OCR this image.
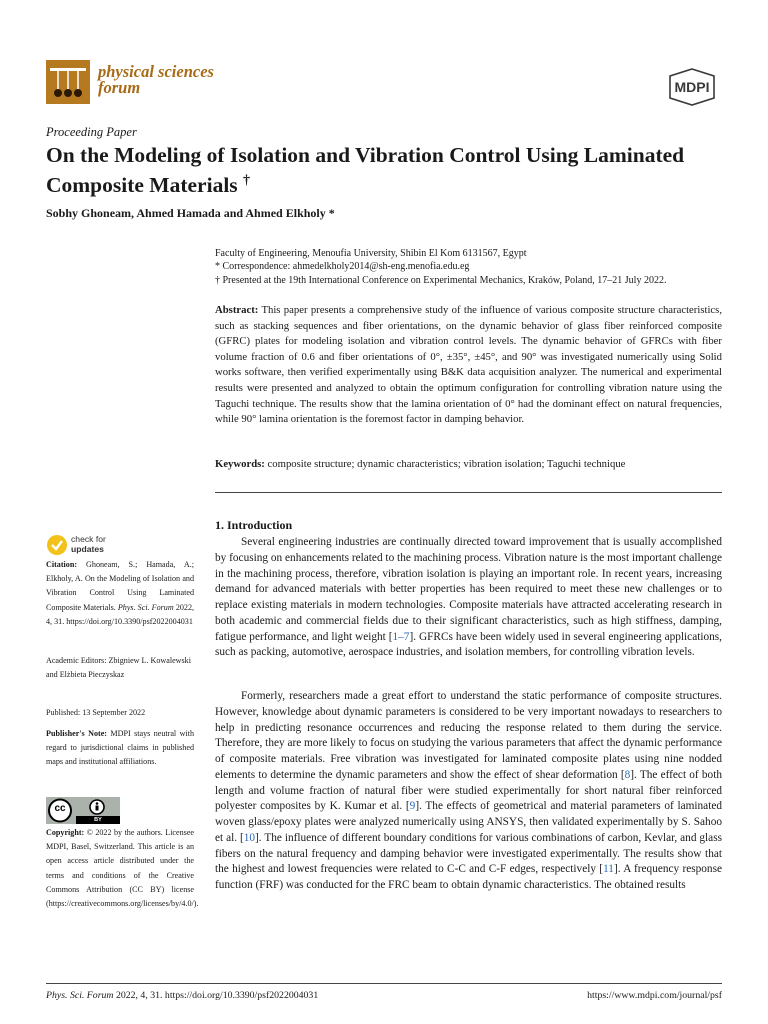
physical sciences
forum	MDPI
Proceeding Paper
On the Modeling of Isolation and Vibration Control Using Laminated Composite Materials †
Sobhy Ghoneam, Ahmed Hamada and Ahmed Elkholy *
Faculty of Engineering, Menoufia University, Shibin El Kom 6131567, Egypt
* Correspondence: ahmedelkholy2014@sh-eng.menofia.edu.eg
† Presented at the 19th International Conference on Experimental Mechanics, Kraków, Poland, 17–21 July 2022.
Abstract: This paper presents a comprehensive study of the influence of various composite structure characteristics, such as stacking sequences and fiber orientations, on the dynamic behavior of glass fiber reinforced composite (GFRC) plates for modeling isolation and vibration control levels. The dynamic behavior of GFRCs with fiber volume fraction of 0.6 and fiber orientations of 0°, ±35°, ±45°, and 90° was investigated numerically using Solid works software, then verified experimentally using B&K data acquisition analyzer. The numerical and experimental results were presented and analyzed to obtain the optimum configuration for controlling vibration nature using the Taguchi technique. The results show that the lamina orientation of 0° had the dominant effect on natural frequencies, while 90° lamina orientation is the foremost factor in damping behavior.
Keywords: composite structure; dynamic characteristics; vibration isolation; Taguchi technique
check for
updates
Citation: Ghoneam, S.; Hamada, A.; Elkholy, A. On the Modeling of Isolation and Vibration Control Using Laminated Composite Materials. Phys. Sci. Forum 2022, 4, 31. https://doi.org/10.3390/psf2022004031
Academic Editors: Zbigniew L. Kowalewski and Elżbieta Pieczyskaz
Published: 13 September 2022
Publisher's Note: MDPI stays neutral with regard to jurisdictional claims in published maps and institutional affiliations.
BY
cc
Copyright: © 2022 by the authors. Licensee MDPI, Basel, Switzerland. This article is an open access article distributed under the terms and conditions of the Creative Commons Attribution (CC BY) license (https://creativecommons.org/licenses/by/4.0/).
1. Introduction

Several engineering industries are continually directed toward improvement that is usually accomplished by focusing on enhancements related to the machining process. Vibration nature is the most important challenge in the machining process, therefore, vibration isolation is playing an important role. In recent years, increasing demand for advanced materials with better properties has been required to meet these new challenges or to replace existing materials in modern technologies. Composite materials have attracted accelerating research in both academic and commercial fields due to their significant characteristics, such as high stiffness, damping, fatigue performance, and light weight [1–7]. GFRCs have been widely used in several engineering applications, such as packing, automotive, aerospace industries, and isolation members, for controlling vibration levels.

Formerly, researchers made a great effort to understand the static performance of composite structures. However, knowledge about dynamic parameters is considered to be very important nowadays to researchers to help in predicting resonance occurrences and reducing the response related to them during the service. Therefore, they are more likely to focus on studying the various parameters that affect the dynamic performance of composite materials. Free vibration was investigated for laminated composite plates using nine nodded elements to determine the dynamic parameters and show the effect of shear deformation [8]. The effect of both length and volume fraction of natural fiber were studied experimentally for short natural fiber reinforced polyester composites by K. Kumar et al. [9]. The effects of geometrical and material parameters of laminated woven glass/epoxy plates were analyzed numerically using ANSYS, then validated experimentally by S. Sahoo et al. [10]. The influence of different boundary conditions for various combinations of carbon, Kevlar, and glass fibers on the natural frequency and damping behavior were investigated experimentally. The results show that the highest and lowest frequencies were related to C-C and C-F edges, respectively [11]. A frequency response function (FRF) was conducted for the FRC beam to obtain dynamic characteristics. The obtained results

Phys. Sci. Forum 2022, 4, 31. https://doi.org/10.3390/psf2022004031	https://www.mdpi.com/journal/psf
